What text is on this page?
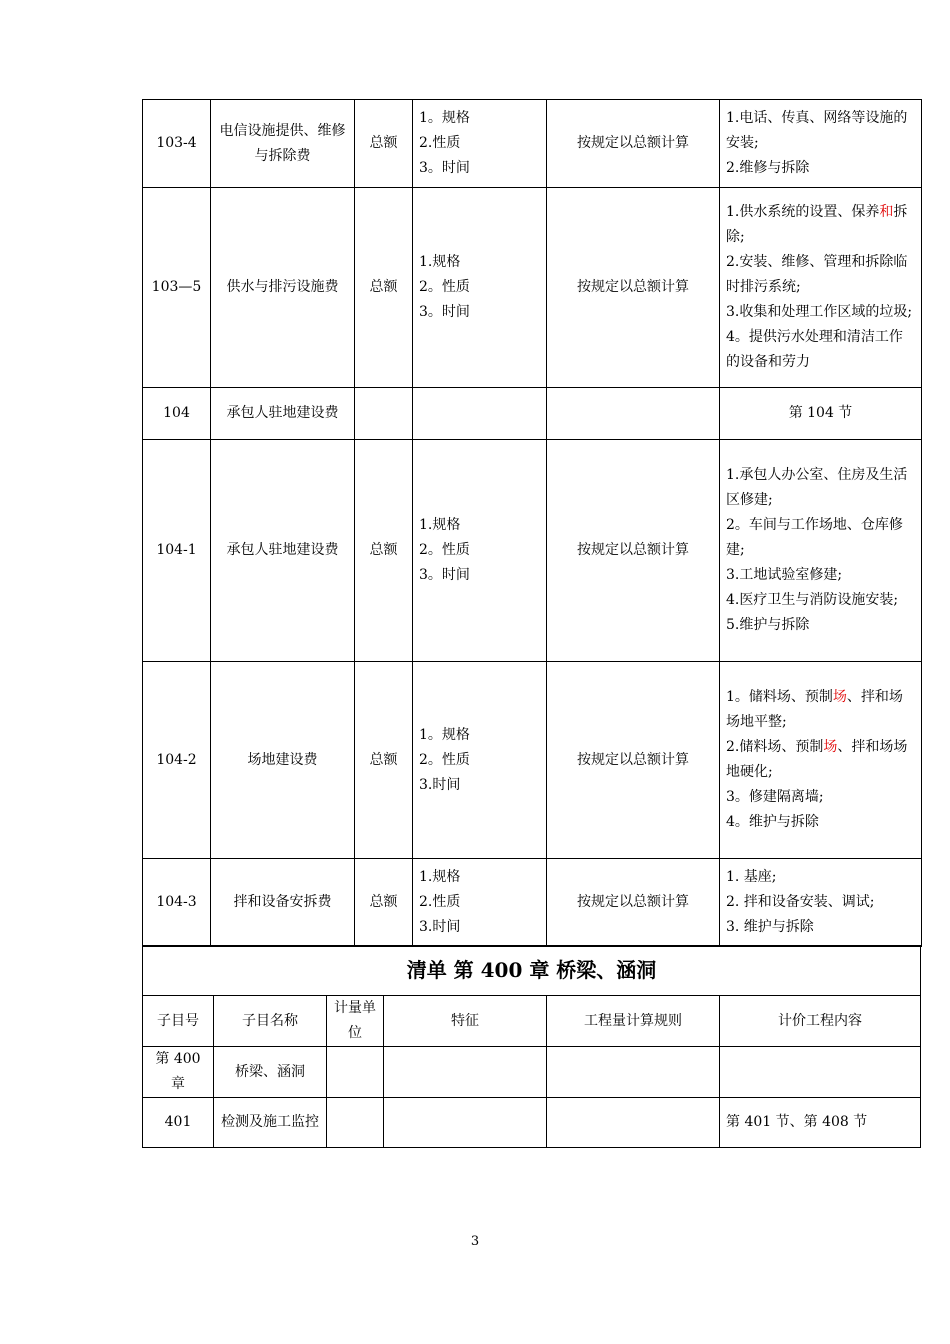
103-4	电信设施提供、维修与拆除费	总额	1。规格
2.性质
3。时间	按规定以总额计算	1.电话、传真、网络等设施的安装;
2.维修与拆除

103—5	供水与排污设施费	总额	1.规格
2。性质
3。时间	按规定以总额计算	1.供水系统的设置、保养和拆除;
2.安装、维修、管理和拆除临时排污系统;
3.收集和处理工作区域的垃圾;
4。提供污水处理和清洁工作的设备和劳力

104	承包人驻地建设费				第 104 节

104-1	承包人驻地建设费	总额	1.规格
2。性质
3。时间	按规定以总额计算	1.承包人办公室、住房及生活区修建;
2。车间与工作场地、仓库修建;
3.工地试验室修建;
4.医疗卫生与消防设施安装;
5.维护与拆除

104-2	场地建设费	总额	1。规格
2。性质
3.时间	按规定以总额计算	1。储料场、预制场、拌和场场地平整;
2.储料场、预制场、拌和场场地硬化;
3。修建隔离墙;
4。维护与拆除

104-3	拌和设备安拆费	总额	1.规格
2.性质
3.时间	按规定以总额计算	1. 基座;
2. 拌和设备安装、调试;
3. 维护与拆除
清单 第 400 章 桥梁、涵洞					
子目号	子目名称	计量单位	特征	工程量计算规则	计价工程内容
第 400 章	桥梁、涵洞				
401	检测及施工监控				第 401 节、第 408 节
3
